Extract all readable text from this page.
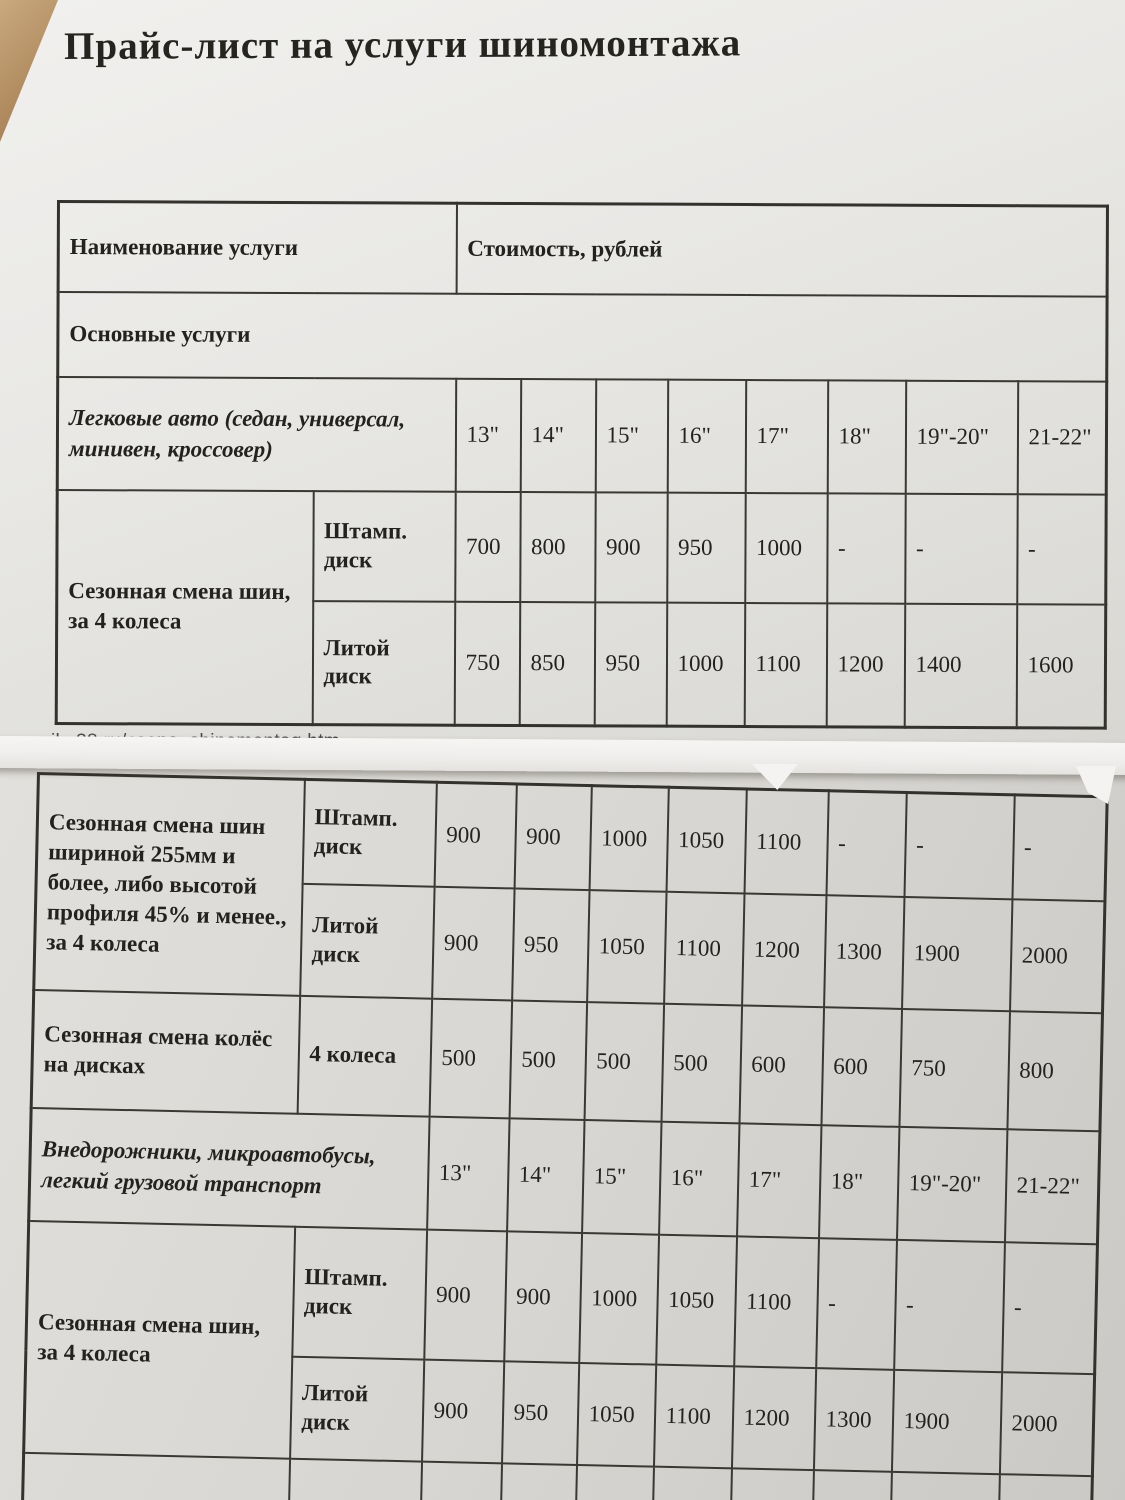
Прайс-лист на услуги шиномонтажа
Наименование услуги		Стоимость, рублей							
Основные услуги									
Легковые авто (седан, универсал, минивен, кроссовер)		13"	14"	15"	16"	17"	18"	19"-20"	21-22"
Сезонная смена шин, за 4 колеса	Штамп. диск	700	800	900	950	1000	-	-	-
	Литой диск	750	850	950	1000	1100	1200	1400	1600
Сезонная смена шин шириной 255мм и более, либо высотой профиля 45% и менее., за 4 колеса	Штамп. диск	900	900	1000	1050	1100	-	-	-
	Литой диск	900	950	1050	1100	1200	1300	1900	2000
Сезонная смена колёс на дисках	4 колеса	500	500	500	500	600	600	750	800
Внедорожники, микроавтобусы, легкий грузовой транспорт		13"	14"	15"	16"	17"	18"	19"-20"	21-22"
Сезонная смена шин, за 4 колеса	Штамп. диск	900	900	1000	1050	1100	-	-	-
	Литой диск	900	950	1050	1100	1200	1300	1900	2000
